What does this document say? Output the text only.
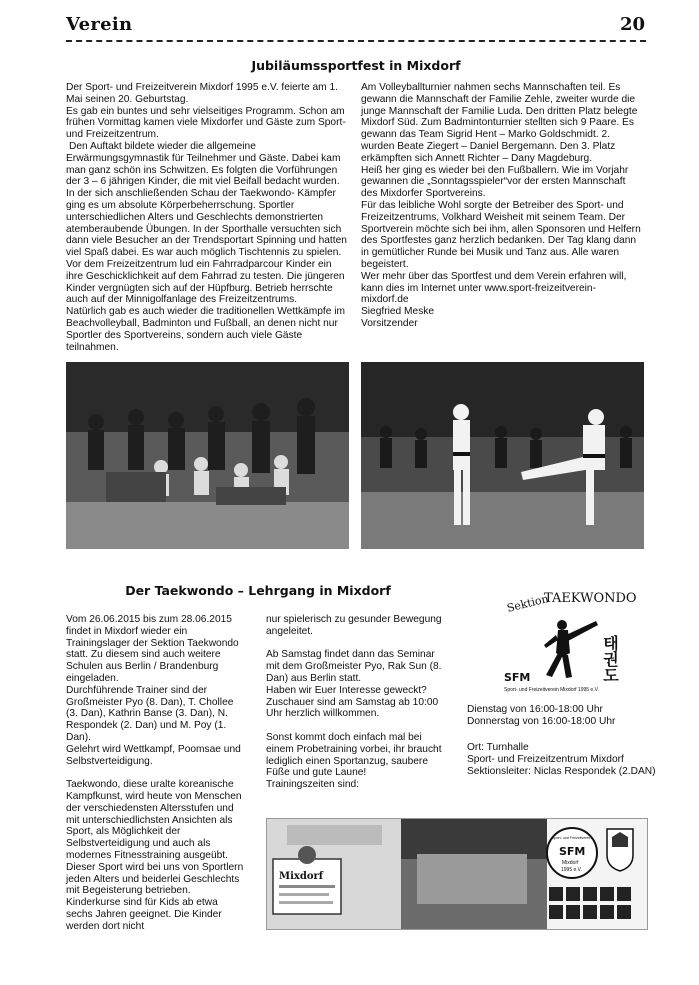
Verein	20
Jubiläumssportfest in Mixdorf

Der Sport- und Freizeitverein Mixdorf 1995 e.V. feierte am 1. Mai seinen 20. Geburtstag.

Es gab ein buntes und sehr vielseitiges Programm. Schon am frühen Vormittag kamen viele Mixdorfer und Gäste zum Sport- und Freizeitzentrum.

Den Auftakt bildete wieder die allgemeine Erwärmungsgymnastik für Teilnehmer und Gäste. Dabei kam man ganz schön ins Schwitzen. Es folgten die Vorführungen der 3 – 6 jährigen Kinder, die mit viel Beifall bedacht wurden. In der sich anschließenden Schau der Taekwondo- Kämpfer ging es um absolute Körperbeherrschung. Sportler unterschiedlichen Alters und Geschlechts demonstrierten atemberaubende Übungen. In der Sporthalle versuchten sich dann viele Besucher an der Trendsportart Spinning und hatten viel Spaß dabei. Es war auch möglich Tischtennis zu spielen. Vor dem Freizeitzentrum lud ein Fahrradparcour Kinder ein ihre Geschicklichkeit auf dem Fahrrad zu testen. Die jüngeren Kinder vergnügten sich auf der Hüpfburg. Betrieb herrschte auch auf der Minnigolfanlage des Freizeitzentrums.

Natürlich gab es auch wieder die traditionellen Wettkämpfe im Beachvolleyball, Badminton und Fußball, an denen nicht nur Sportler des Sportvereins, sondern auch viele Gäste teilnahmen.

Am Volleyballturnier nahmen sechs Mannschaften teil. Es gewann die Mannschaft der Familie Zehle, zweiter wurde die junge Mannschaft der Familie Luda. Den dritten Platz belegte Mixdorf Süd. Zum Badmintonturnier stellten sich 9 Paare. Es gewann das Team Sigrid Hent – Marko Goldschmidt. 2. wurden Beate Ziegert – Daniel Bergemann. Den 3. Platz erkämpften sich Annett Richter – Dany Magdeburg.

Heiß her ging es wieder bei den Fußballern. Wie im Vorjahr gewannen die „Sonntagsspieler“vor der ersten Mannschaft des Mixdorfer Sportvereins.

Für das leibliche Wohl sorgte der Betreiber des Sport- und Freizeitzentrums, Volkhard Weisheit mit seinem Team. Der Sportverein möchte sich bei ihm, allen Sponsoren und Helfern des Sportfestes ganz herzlich bedanken. Der Tag klang dann in gemütlicher Runde bei Musik und Tanz aus. Alle waren begeistert.

Wer mehr über das Sportfest und dem Verein erfahren will, kann dies im Internet unter www.sport-freizeitverein-mixdorf.de

Siegfried Meske

Vorsitzender

Der Taekwondo – Lehrgang in Mixdorf

Vom 26.06.2015 bis zum 28.06.2015 findet in Mixdorf wieder ein Trainingslager der Sektion Taekwondo statt. Zu diesem sind auch weitere Schulen aus Berlin / Brandenburg eingeladen.

Durchführende Trainer sind der Großmeister Pyo (8. Dan), T. Chollee (3. Dan), Kathrin Banse (3. Dan), N. Respondek (2. Dan) und M. Poy (1. Dan).

Gelehrt wird Wettkampf, Poomsae und Selbstverteidigung.

Taekwondo, diese uralte koreanische Kampfkunst, wird heute von Menschen der verschiedensten Altersstufen und mit unterschiedlichsten Ansichten als Sport, als Möglichkeit der Selbstverteidigung und auch als modernes Fitnesstraining ausgeübt.

Dieser Sport wird bei uns von Sportlern jeden Alters und beiderlei Geschlechts mit Begeisterung betrieben. Kinderkurse sind für Kids ab etwa sechs Jahren geeignet. Die Kinder werden dort nicht

nur spielerisch zu gesunder Bewegung angeleitet.

Ab Samstag findet dann das Seminar mit dem Großmeister Pyo, Rak Sun (8. Dan) aus Berlin statt.

Haben wir Euer Interesse geweckt?

Zuschauer sind am Samstag ab 10:00 Uhr herzlich willkommen.

Sonst kommt doch einfach mal bei einem Probetraining vorbei, ihr braucht lediglich einen Sportanzug, saubere Füße und gute Laune!

Trainingszeiten sind:

Sektion
TAEKWONDO
태권도
SFM
Sport- und Freizeitverein Mixdorf 1995 e.V.
Dienstag von 16:00-18:00 Uhr
Donnerstag von 16:00-18:00 Uhr
Ort: Turnhalle
Sport- und Freizeitzentrum Mixdorf
Sektionsleiter: Niclas Respondek (2.DAN)
Mixdorf
Sport- und Freizeitverein
SFM
Mixdorf
1995 e.V.
